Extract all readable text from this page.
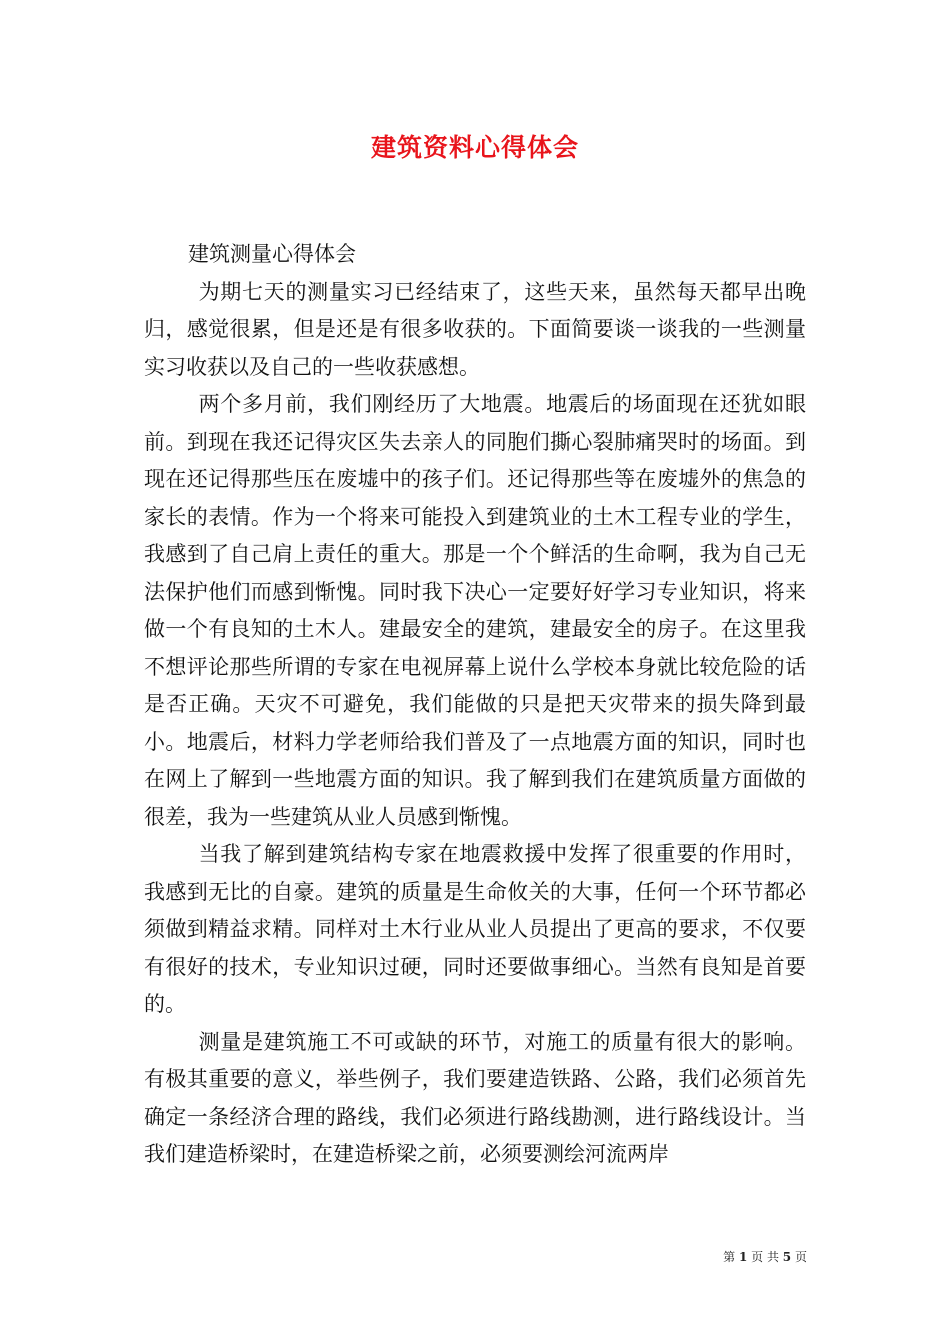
建筑资料心得体会

建筑测量心得体会

为期七天的测量实习已经结束了，这些天来，虽然每天都早出晚归，感觉很累，但是还是有很多收获的。下面简要谈一谈我的一些测量实习收获以及自己的一些收获感想。

两个多月前，我们刚经历了大地震。地震后的场面现在还犹如眼前。到现在我还记得灾区失去亲人的同胞们撕心裂肺痛哭时的场面。到现在还记得那些压在废墟中的孩子们。还记得那些等在废墟外的焦急的家长的表情。作为一个将来可能投入到建筑业的土木工程专业的学生，我感到了自己肩上责任的重大。那是一个个鲜活的生命啊，我为自己无法保护他们而感到惭愧。同时我下决心一定要好好学习专业知识，将来做一个有良知的土木人。建最安全的建筑，建最安全的房子。在这里我不想评论那些所谓的专家在电视屏幕上说什么学校本身就比较危险的话是否正确。天灾不可避免，我们能做的只是把天灾带来的损失降到最小。地震后，材料力学老师给我们普及了一点地震方面的知识，同时也在网上了解到一些地震方面的知识。我了解到我们在建筑质量方面做的很差，我为一些建筑从业人员感到惭愧。

当我了解到建筑结构专家在地震救援中发挥了很重要的作用时，我感到无比的自豪。建筑的质量是生命攸关的大事，任何一个环节都必须做到精益求精。同样对土木行业从业人员提出了更高的要求，不仅要有很好的技术，专业知识过硬，同时还要做事细心。当然有良知是首要的。

测量是建筑施工不可或缺的环节，对施工的质量有很大的影响。有极其重要的意义，举些例子，我们要建造铁路、公路，我们必须首先确定一条经济合理的路线，我们必须进行路线勘测，进行路线设计。当我们建造桥梁时，在建造桥梁之前，必须要测绘河流两岸

第 1 页 共 5 页
